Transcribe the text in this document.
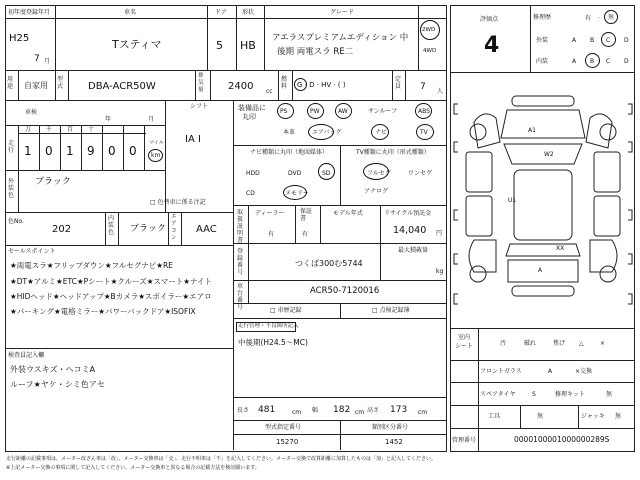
初年度登録年月
H25
7 月
車名
Tスティマ
ドア
5
形状
HB
グレード
アエラスプレミアムエディション 中
後期 両電スラ RE二
2WD
4WD
用途 自家用
型式 DBA-ACR50W
排気量 2400 cc
燃料 G · D · HV · ( )
定員 7 人
車検
年	月
シフト
IA I
走行 1 0 1 9 0 0
万 千 百 十
マイル
km
外装色
ブラック
□ 色替車に係る注記
色No.
202
内装色 ブラック
エアコン
AAC
セールスポイント
★両電スラ★フリップダウン★フルセグナビ★RE
★DT★アルミ★ETC★Pシート★クルーズ★スマート★ナイト
★HIDヘッド★ヘッドアップ★Bカメラ★スポイラー★エアロ
★パーキング★電格ミラー★パワーバックドア★ISOFIX
検査員記入欄
外装ウスキズ・ヘコミA
ルーフ★ヤケ・シミ色アセ
装備品に
丸印
PS	PW	AW	サンルーフ	ABS
本革	エアバッグ	ナビ	TV
ナビ種類に丸印（地図媒体）
HDD	DVD	SD
CD	メモリー
TV種類に丸印（形式種類）
フルセグ	ワンセグ
アナログ
取扱説明書
ディーラー
有
保証書
有
モデル年式	リサイクル預託金
14,040 円
登録番号
つくば300む5744
最大積載量
kg
車台番号
ACR50-7120016
□ 車歴記録	□ 点検記録簿
走行管理・不良箇所記入
中後期(H24.5～MC)
長さ 481	cm 幅 182 cm 高さ 173 cm
型式指定番号
15270
類別区分番号
1452
評価点
4
修理歴	有 · 無
外装	A B C D
内装	A B C D
A1
W2
U1
XX
A
室内
シート	汚	破れ	焦げ △	×
フロントガラス	A	×交換
スペアタイヤ	S	修理キット	無
工具	無	ジャッキ 無
管理番号	0000100001000000289S
走行距離の記載事項は、メーター改ざん車は「改」、メーター交換車は「交」、走行不明車は「不」を記入してください。メーター交換で改算距離に加算したものは「加」と記入してください。
※上記メーター交換の事項に関して記入してください。メーター交換車と異なる場合の記載方法を検討願います。
